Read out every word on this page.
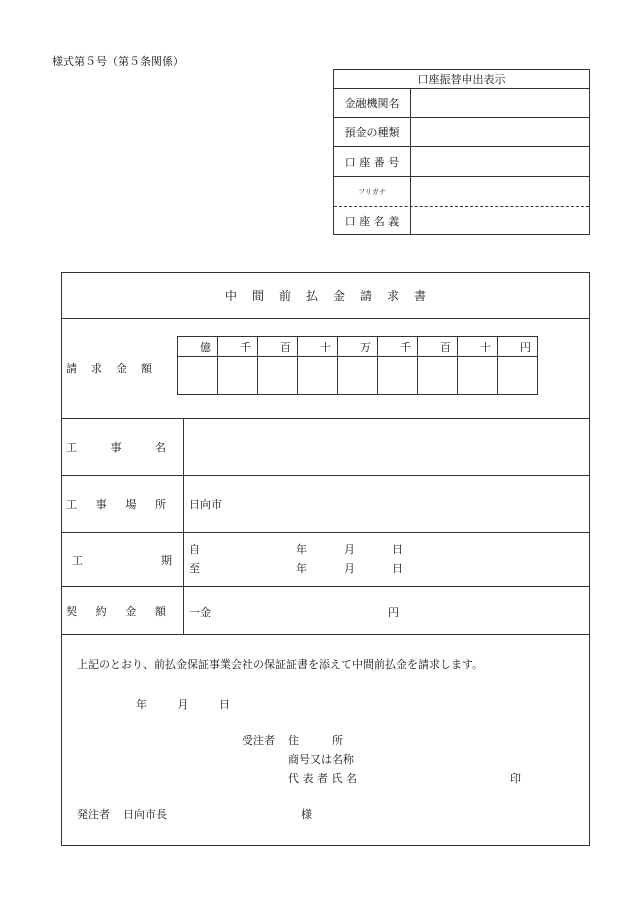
様式第５号（第５条関係）
口座振替申出表示
金融機関名
預金の種類
口 座 番 号
フリガナ
口 座 名 義
中間前払金請求書
請求金額
億	千	百	十	万	千	百	十	円

工	事	名
工 事 場 所 日向市
工	期
自	年	月	日
至	年	月	日
契 約 金 額 一金	円
上記のとおり、前払金保証事業会社の保証証書を添えて中間前払金を請求します。
年	月	日
受注者 住　　　所
商号又は名称
代 表 者 氏 名	印
発注者 日向市長	様
